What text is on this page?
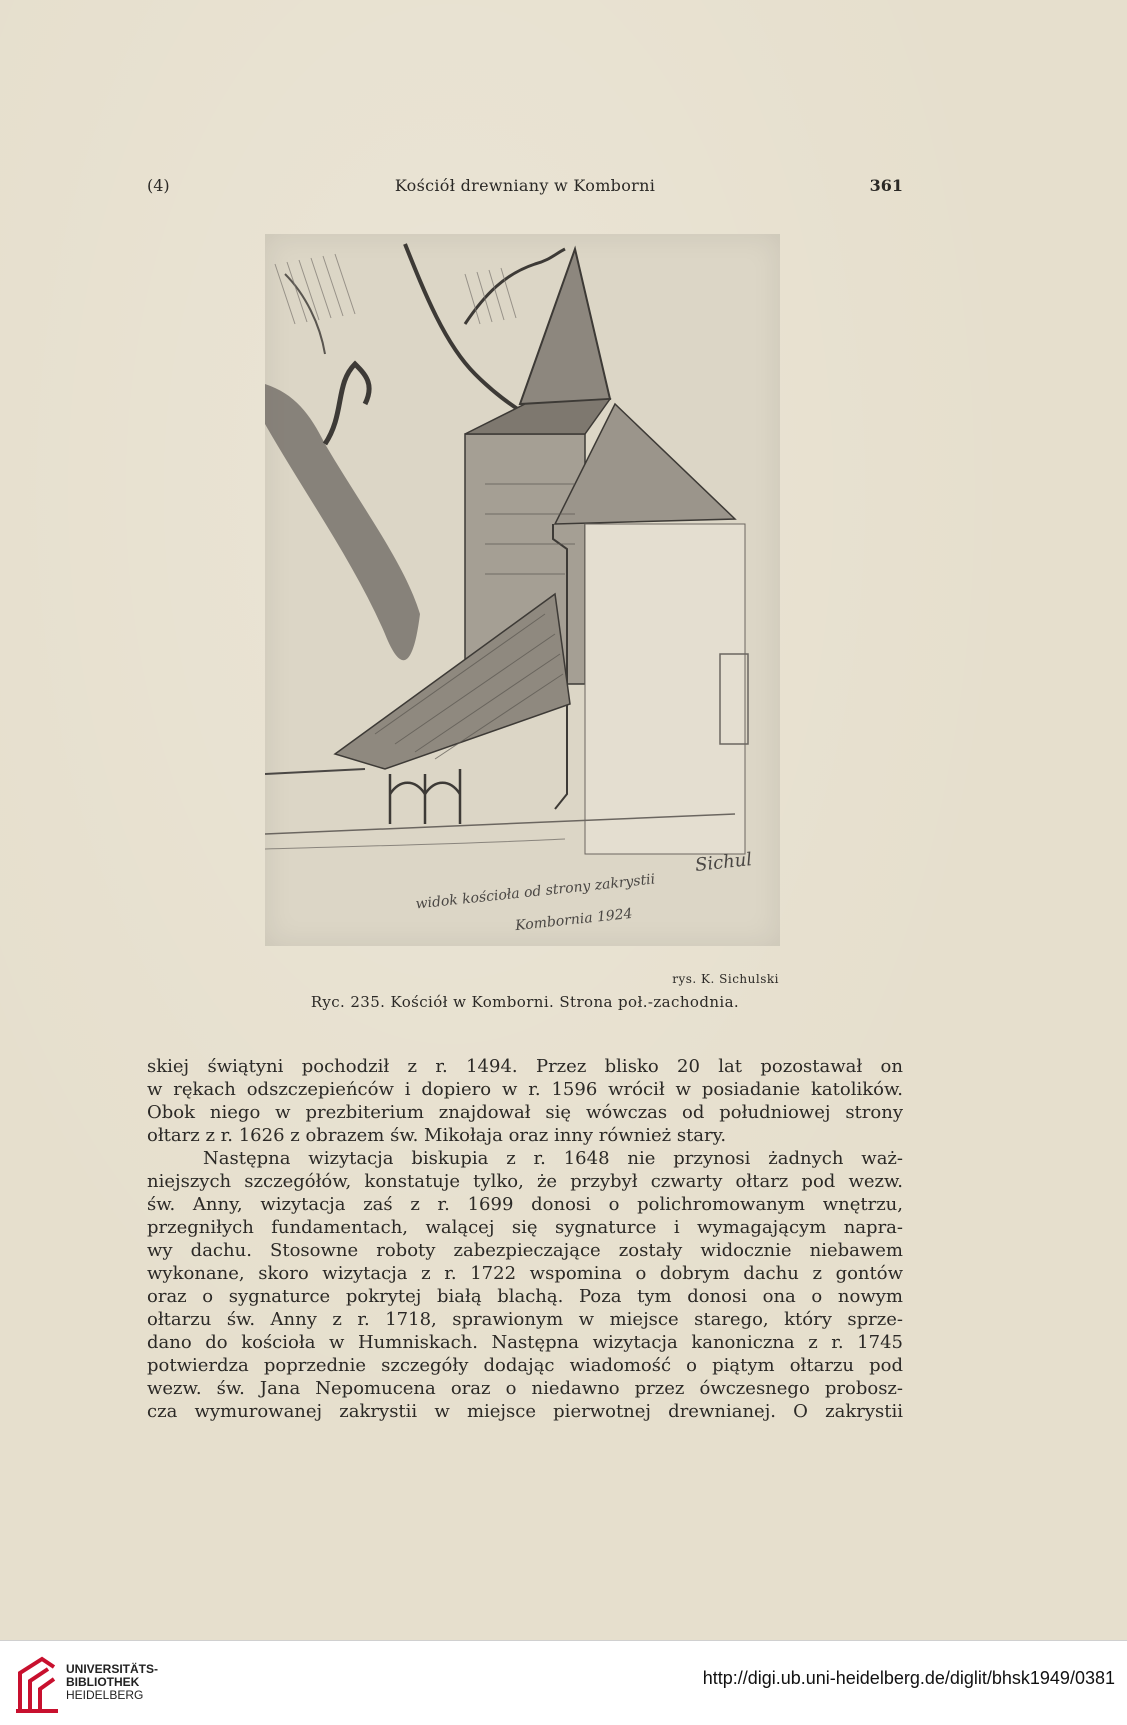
(4)	Kościół drewniany w Komborni	361
Sichul
widok kościoła od strony zakrystii
Kombornia 1924
rys. K. Sichulski
Ryc. 235. Kościół w Komborni. Strona poł.-zachodnia.
skiej świątyni pochodził z r. 1494. Przez blisko 20 lat pozostawał on
w rękach odszczepieńców i dopiero w r. 1596 wrócił w posiadanie katolików.
Obok niego w prezbiterium znajdował się wówczas od południowej strony
ołtarz z r. 1626 z obrazem św. Mikołaja oraz inny również stary.
Następna wizytacja biskupia z r. 1648 nie przynosi żadnych waż-
niejszych szczegółów, konstatuje tylko, że przybył czwarty ołtarz pod wezw.
św. Anny, wizytacja zaś z r. 1699 donosi o polichromowanym wnętrzu,
przegniłych fundamentach, walącej się sygnaturce i wymagającym napra-
wy dachu. Stosowne roboty zabezpieczające zostały widocznie niebawem
wykonane, skoro wizytacja z r. 1722 wspomina o dobrym dachu z gontów
oraz o sygnaturce pokrytej białą blachą. Poza tym donosi ona o nowym
ołtarzu św. Anny z r. 1718, sprawionym w miejsce starego, który sprze-
dano do kościoła w Humniskach. Następna wizytacja kanoniczna z r. 1745
potwierdza poprzednie szczegóły dodając wiadomość o piątym ołtarzu pod
wezw. św. Jana Nepomucena oraz o niedawno przez ówczesnego probosz-
cza wymurowanej zakrystii w miejsce pierwotnej drewnianej. O zakrystii
UNIVERSITÄTS-
BIBLIOTHEK
HEIDELBERG
http://digi.ub.uni-heidelberg.de/diglit/bhsk1949/0381
